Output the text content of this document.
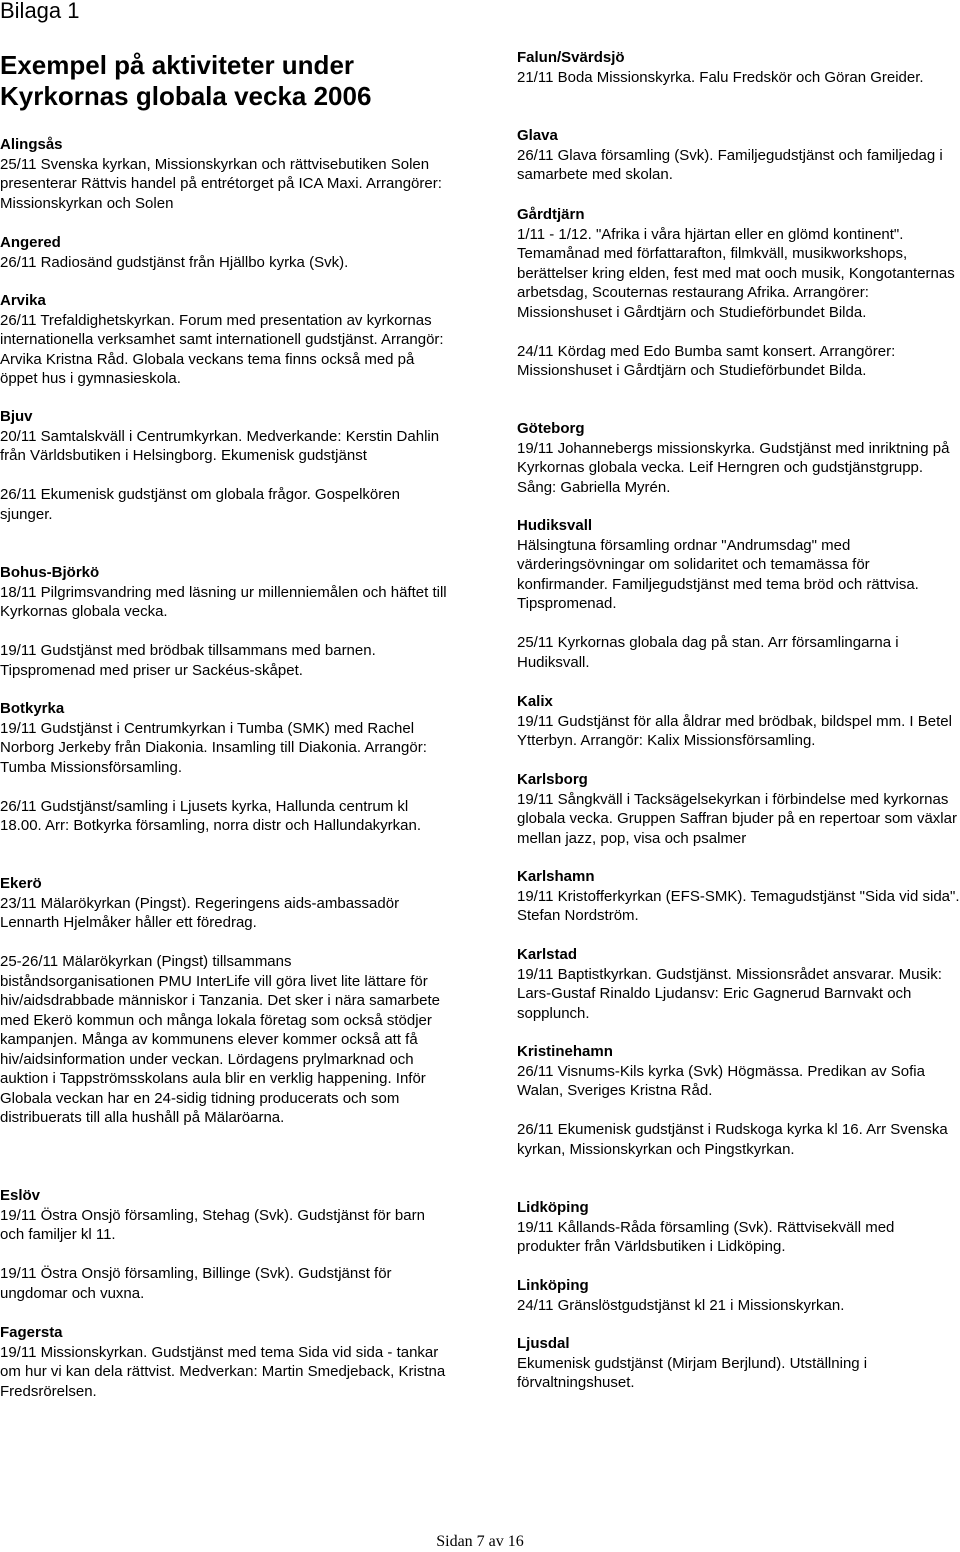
Bilaga 1
Exempel på aktiviteter under
Kyrkornas globala vecka 2006
Alingsås

25/11 Svenska kyrkan, Missionskyrkan och rättvisebutiken Solen presenterar Rättvis handel på entrétorget på ICA Maxi. Arrangörer: Missionskyrkan och Solen

Angered

26/11 Radiosänd gudstjänst från Hjällbo kyrka (Svk).

Arvika

26/11 Trefaldighetskyrkan. Forum med presentation av kyrkornas internationella verksamhet samt internationell gudstjänst. Arrangör: Arvika Kristna Råd. Globala veckans tema finns också med på öppet hus i gymnasieskola.

Bjuv

20/11 Samtalskväll i Centrumkyrkan. Medverkande: Kerstin Dahlin från Världsbutiken i Helsingborg. Ekumenisk gudstjänst

26/11 Ekumenisk gudstjänst om globala frågor. Gospelkören sjunger.

Bohus-Björkö

18/11 Pilgrimsvandring med läsning ur millenniemålen och häftet till Kyrkornas globala vecka.

19/11 Gudstjänst med brödbak tillsammans med barnen. Tipspromenad med priser ur Sackéus-skåpet.

Botkyrka

19/11 Gudstjänst i Centrumkyrkan i Tumba (SMK) med Rachel Norborg Jerkeby från Diakonia. Insamling till Diakonia. Arrangör: Tumba Missionsförsamling.

26/11 Gudstjänst/samling i Ljusets kyrka, Hallunda centrum kl 18.00. Arr: Botkyrka församling, norra distr och Hallundakyrkan.

Ekerö

23/11 Mälarökyrkan (Pingst). Regeringens aids-ambassadör Lennarth Hjelmåker håller ett föredrag.

25-26/11 Mälarökyrkan (Pingst) tillsammans biståndsorganisationen PMU InterLife vill göra livet lite lättare för hiv/aidsdrabbade människor i Tanzania. Det sker i nära samarbete med Ekerö kommun och många lokala företag som också stödjer kampanjen. Många av kommunens elever kommer också att få hiv/aidsinformation under veckan. Lördagens prylmarknad och auktion i Tappströmsskolans aula blir en verklig happening. Inför Globala veckan har en 24-sidig tidning producerats och som distribuerats till alla hushåll på Mälaröarna.

Eslöv

19/11 Östra Onsjö församling, Stehag (Svk). Gudstjänst för barn och familjer kl 11.

19/11 Östra Onsjö församling, Billinge (Svk). Gudstjänst för ungdomar och vuxna.

Fagersta

19/11 Missionskyrkan. Gudstjänst med tema Sida vid sida - tankar om hur vi kan dela rättvist. Medverkan: Martin Smedjeback, Kristna Fredsrörelsen.

Falun/Svärdsjö

21/11 Boda Missionskyrka. Falu Fredskör och Göran Greider.

Glava

26/11 Glava församling (Svk). Familjegudstjänst och familjedag i samarbete med skolan.

Gårdtjärn

1/11 - 1/12. "Afrika i våra hjärtan eller en glömd kontinent". Temamånad med författarafton, filmkväll, musikworkshops, berättelser kring elden, fest med mat ooch musik, Kongotanternas arbetsdag, Scouternas restaurang Afrika. Arrangörer: Missionshuset i Gårdtjärn och Studieförbundet Bilda.

24/11 Kördag med Edo Bumba samt konsert. Arrangörer: Missionshuset i Gårdtjärn och Studieförbundet Bilda.

Göteborg

19/11 Johannebergs missionskyrka. Gudstjänst med inriktning på Kyrkornas globala vecka. Leif Herngren och gudstjänstgrupp. Sång: Gabriella Myrén.

Hudiksvall

Hälsingtuna församling ordnar "Andrumsdag" med värderingsövningar om solidaritet och temamässa för konfirmander. Familjegudstjänst med tema bröd och rättvisa. Tipspromenad.

25/11 Kyrkornas globala dag på stan. Arr församlingarna i Hudiksvall.

Kalix

19/11 Gudstjänst för alla åldrar med brödbak, bildspel mm. I Betel Ytterbyn. Arrangör: Kalix Missionsförsamling.

Karlsborg

19/11 Sångkväll i Tacksägelsekyrkan i förbindelse med kyrkornas globala vecka. Gruppen Saffran bjuder på en repertoar som växlar mellan jazz, pop, visa och psalmer

Karlshamn

19/11 Kristofferkyrkan (EFS-SMK). Temagudstjänst "Sida vid sida". Stefan Nordström.

Karlstad

19/11 Baptistkyrkan. Gudstjänst. Missionsrådet ansvarar. Musik: Lars-Gustaf Rinaldo Ljudansv: Eric Gagnerud Barnvakt och sopplunch.

Kristinehamn

26/11 Visnums-Kils kyrka (Svk) Högmässa. Predikan av Sofia Walan, Sveriges Kristna Råd.

26/11 Ekumenisk gudstjänst i Rudskoga kyrka kl 16. Arr Svenska kyrkan, Missionskyrkan och Pingstkyrkan.

Lidköping

19/11 Kållands-Råda församling (Svk). Rättvisekväll med produkter från Världsbutiken i Lidköping.

Linköping

24/11 Gränslöstgudstjänst kl 21 i Missionskyrkan.

Ljusdal

Ekumenisk gudstjänst (Mirjam Berjlund). Utställning i förvaltningshuset.

Sidan 7 av 16
